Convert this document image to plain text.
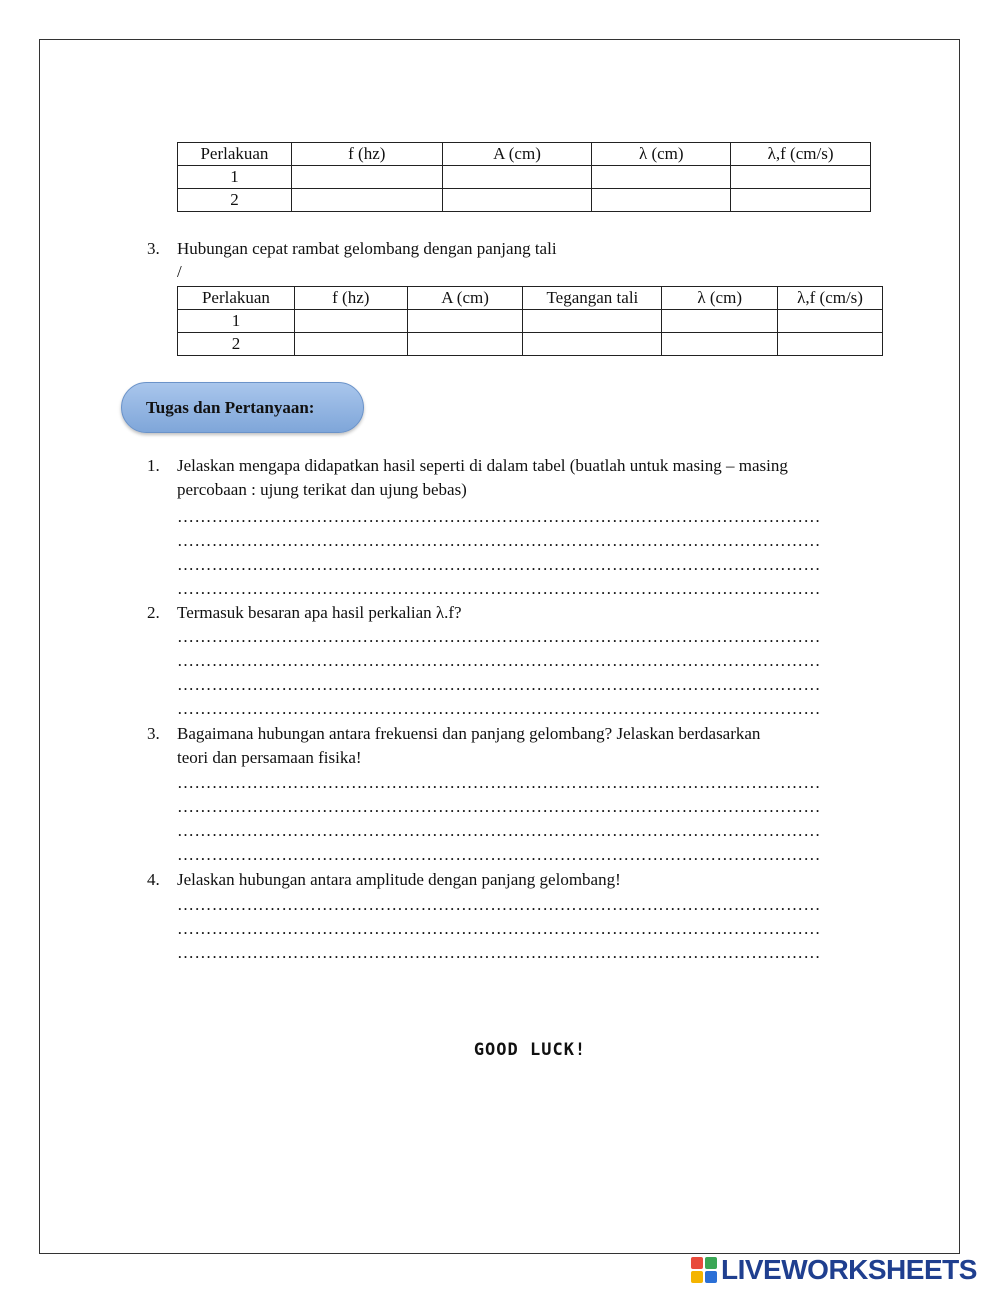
Perlakuan	f (hz)	A (cm)	λ (cm)	λ,f (cm/s)
1				
2				
3. Hubungan cepat rambat gelombang dengan panjang tali
/
Perlakuan	f (hz)	A (cm)	Tegangan tali	λ (cm)	λ,f (cm/s)
1					
2					
Tugas dan Pertanyaan:
1. Jelaskan mengapa didapatkan hasil seperti di dalam tabel (buatlah untuk masing – masing
percobaan : ujung terikat dan ujung bebas)
…………………………………………………………………………………………………
…………………………………………………………………………………………………
…………………………………………………………………………………………………
…………………………………………………………………………………………………
2. Termasuk besaran apa hasil perkalian λ.f?
…………………………………………………………………………………………………
…………………………………………………………………………………………………
…………………………………………………………………………………………………
…………………………………………………………………………………………………
3. Bagaimana hubungan antara frekuensi dan panjang gelombang? Jelaskan berdasarkan
teori dan persamaan fisika!
…………………………………………………………………………………………………
…………………………………………………………………………………………………
…………………………………………………………………………………………………
…………………………………………………………………………………………………
4. Jelaskan hubungan antara amplitude dengan panjang gelombang!
…………………………………………………………………………………………………
…………………………………………………………………………………………………
…………………………………………………………………………………………………
GOOD LUCK!
LIVEWORKSHEETS
